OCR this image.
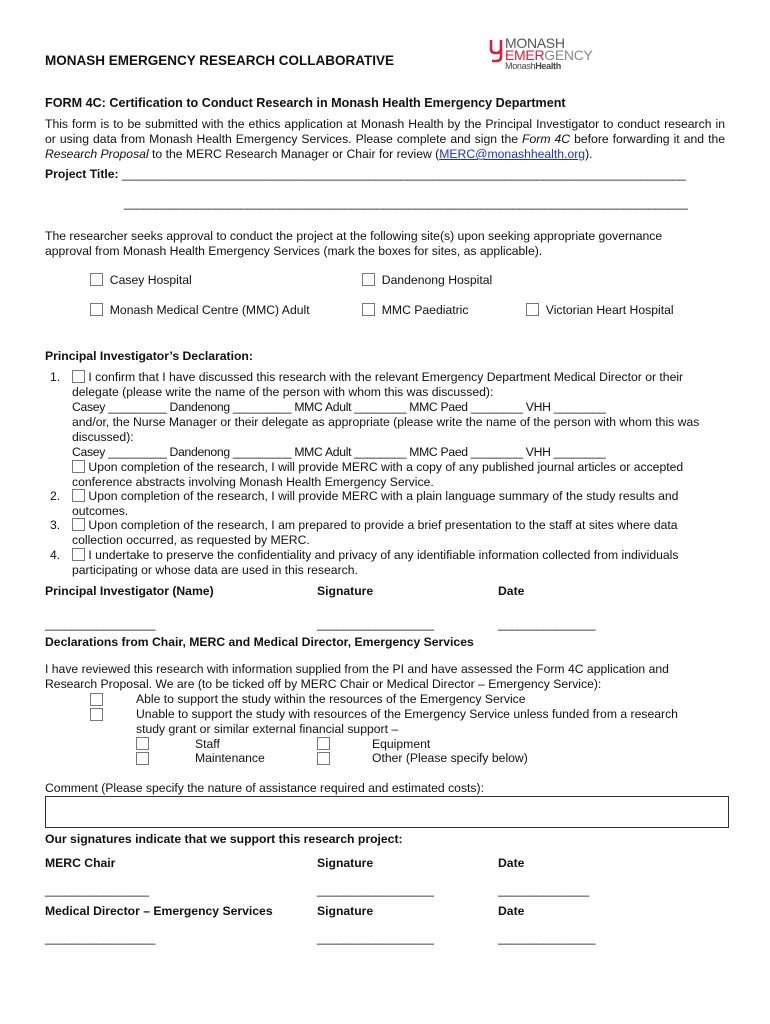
MONASH EMERGENCY RESEARCH COLLABORATIVE
MONASH
EMERGENCY
MonashHealth
FORM 4C: Certification to Conduct Research in Monash Health Emergency Department
This form is to be submitted with the ethics application at Monash Health by the Principal Investigator to conduct research in or using data from Monash Health Emergency Services. Please complete and sign the Form 4C before forwarding it and the Research Proposal to the MERC Research Manager or Chair for review (MERC@monashhealth.org).
Project Title: _______________________________________________________________________________________
_______________________________________________________________________________________
The researcher seeks approval to conduct the project at the following site(s) upon seeking appropriate governance approval from Monash Health Emergency Services (mark the boxes for sites, as applicable).
Casey Hospital	Dandenong Hospital
Monash Medical Centre (MMC) Adult	MMC Paediatric	Victorian Heart Hospital
Principal Investigator’s Declaration:
1.	I confirm that I have discussed this research with the relevant Emergency Department Medical Director or their
delegate (please write the name of the person with whom this was discussed):
Casey _________ Dandenong _________ MMC Adult ________ MMC Paed ________ VHH ________
and/or, the Nurse Manager or their delegate as appropriate (please write the name of the person with whom this was discussed):
Casey _________ Dandenong _________ MMC Adult ________ MMC Paed ________ VHH ________
Upon completion of the research, I will provide MERC with a copy of any published journal articles or accepted
conference abstracts involving Monash Health Emergency Service.
2.	Upon completion of the research, I will provide MERC with a plain language summary of the study results and
outcomes.
3.	Upon completion of the research, I am prepared to provide a brief presentation to the staff at sites where data
collection occurred, as requested by MERC.
4.	I undertake to preserve the confidentiality and privacy of any identifiable information collected from individuals
participating or whose data are used in this research.
Principal Investigator (Name)	Signature	Date
_________________	__________________	_______________
Declarations from Chair, MERC and Medical Director, Emergency Services
I have reviewed this research with information supplied from the PI and have assessed the Form 4C application and Research Proposal. We are (to be ticked off by MERC Chair or Medical Director – Emergency Service):
Able to support the study within the resources of the Emergency Service
Unable to support the study with resources of the Emergency Service unless funded from a research
study grant or similar external financial support –
Staff	Equipment
Maintenance	Other (Please specify below)
Comment (Please specify the nature of assistance required and estimated costs):
Our signatures indicate that we support this research project:
MERC Chair	Signature	Date
________________	__________________	______________
Medical Director – Emergency Services	Signature	Date
_________________	__________________	_______________
